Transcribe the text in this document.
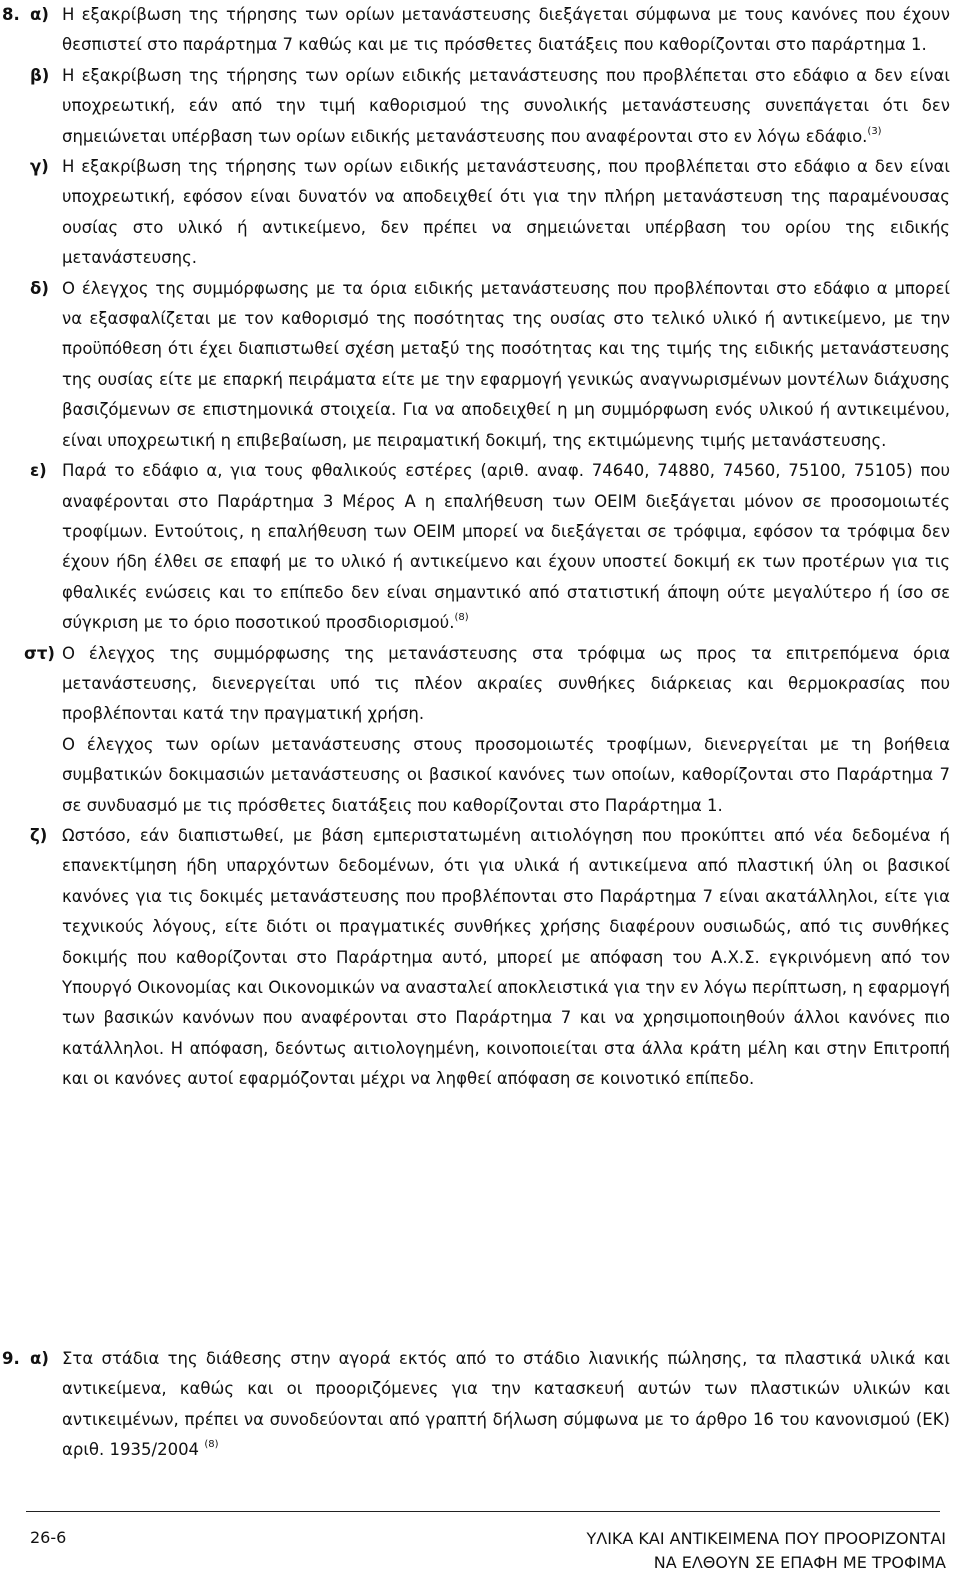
8. α) Η εξακρίβωση της τήρησης των ορίων μετανάστευσης διεξάγεται σύμφωνα με τους κανόνες που έχουν θεσπιστεί στο παράρτημα 7 καθώς και με τις πρόσθετες διατάξεις που καθορίζονται στο παράρτημα 1.
β) Η εξακρίβωση της τήρησης των ορίων ειδικής μετανάστευσης που προβλέπεται στο εδάφιο α δεν είναι υποχρεωτική, εάν από την τιμή καθορισμού της συνολικής μετανάστευσης συνεπάγεται ότι δεν σημειώνεται υπέρβαση των ορίων ειδικής μετανάστευσης που αναφέρονται στο εν λόγω εδάφιο.$^{(3)}$
γ) Η εξακρίβωση της τήρησης των ορίων ειδικής μετανάστευσης, που προβλέπεται στο εδάφιο α δεν είναι υποχρεωτική, εφόσον είναι δυνατόν να αποδειχθεί ότι για την πλήρη μετανάστευση της παραμένουσας ουσίας στο υλικό ή αντικείμενο, δεν πρέπει να σημειώνεται υπέρβαση του ορίου της ειδικής μετανάστευσης.
δ) Ο έλεγχος της συμμόρφωσης με τα όρια ειδικής μετανάστευσης που προβλέπονται στο εδάφιο α μπορεί να εξασφαλίζεται με τον καθορισμό της ποσότητας της ουσίας στο τελικό υλικό ή αντικείμενο, με την προϋπόθεση ότι έχει διαπιστωθεί σχέση μεταξύ της ποσότητας και της τιμής της ειδικής μετανάστευσης της ουσίας είτε με επαρκή πειράματα είτε με την εφαρμογή γενικώς αναγνωρισμένων μοντέλων διάχυσης βασιζόμενων σε επιστημονικά στοιχεία. Για να αποδειχθεί η μη συμμόρφωση ενός υλικού ή αντικειμένου, είναι υποχρεωτική η επιβεβαίωση, με πειραματική δοκιμή, της εκτιμώμενης τιμής μετανάστευσης.
ε) Παρά το εδάφιο α, για τους φθαλικούς εστέρες (αριθ. αναφ. 74640, 74880, 74560, 75100, 75105) που αναφέρονται στο Παράρτημα 3 Μέρος Α η επαλήθευση των ΟΕΙΜ διεξάγεται μόνον σε προσομοιωτές τροφίμων. Εντούτοις, η επαλήθευση των ΟΕΙΜ μπορεί να διεξάγεται σε τρόφιμα, εφόσον τα τρόφιμα δεν έχουν ήδη έλθει σε επαφή με το υλικό ή αντικείμενο και έχουν υποστεί δοκιμή εκ των προτέρων για τις φθαλικές ενώσεις και το επίπεδο δεν είναι σημαντικό από στατιστική άποψη ούτε μεγαλύτερο ή ίσο σε σύγκριση με το όριο ποσοτικού προσδιορισμού.$^{(8)}$
στ) Ο έλεγχος της συμμόρφωσης της μετανάστευσης στα τρόφιμα ως προς τα επιτρεπόμενα όρια μετανάστευσης, διενεργείται υπό τις πλέον ακραίες συνθήκες διάρκειας και θερμοκρασίας που προβλέπονται κατά την πραγματική χρήση.
Ο έλεγχος των ορίων μετανάστευσης στους προσομοιωτές τροφίμων, διενεργείται με τη βοήθεια συμβατικών δοκιμασιών μετανάστευσης οι βασικοί κανόνες των οποίων, καθορίζονται στο Παράρτημα 7 σε συνδυασμό με τις πρόσθετες διατάξεις που καθορίζονται στο Παράρτημα 1.
ζ) Ωστόσο, εάν διαπιστωθεί, με βάση εμπεριστατωμένη αιτιολόγηση που προκύπτει από νέα δεδομένα ή επανεκτίμηση ήδη υπαρχόντων δεδομένων, ότι για υλικά ή αντικείμενα από πλαστική ύλη οι βασικοί κανόνες για τις δοκιμές μετανάστευσης που προβλέπονται στο Παράρτημα 7 είναι ακατάλληλοι, είτε για τεχνικούς λόγους, είτε διότι οι πραγματικές συνθήκες χρήσης διαφέρουν ουσιωδώς, από τις συνθήκες δοκιμής που καθορίζονται στο Παράρτημα αυτό, μπορεί με απόφαση του Α.Χ.Σ. εγκρινόμενη από τον Υπουργό Οικονομίας και Οικονομικών να ανασταλεί αποκλειστικά για την εν λόγω περίπτωση, η εφαρμογή των βασικών κανόνων που αναφέρονται στο Παράρτημα 7 και να χρησιμοποιηθούν άλλοι κανόνες πιο κατάλληλοι. Η απόφαση, δεόντως αιτιολογημένη, κοινοποιείται στα άλλα κράτη μέλη και στην Επιτροπή και οι κανόνες αυτοί εφαρμόζονται μέχρι να ληφθεί απόφαση σε κοινοτικό επίπεδο.
9. α) Στα στάδια της διάθεσης στην αγορά εκτός από το στάδιο λιανικής πώλησης, τα πλαστικά υλικά και αντικείμενα, καθώς και οι προοριζόμενες για την κατασκευή αυτών των πλαστικών υλικών και αντικειμένων, πρέπει να συνοδεύονται από γραπτή δήλωση σύμφωνα με το άρθρο 16 του κανονισμού (ΕΚ) αριθ. 1935/2004 $^{(8)}$
26-6	ΥΛΙΚΑ ΚΑΙ ΑΝΤΙΚΕΙΜΕΝΑ ΠΟΥ ΠΡΟΟΡΙΖΟΝΤΑΙ
ΝΑ ΕΛΘΟΥΝ ΣΕ ΕΠΑΦΗ ΜΕ ΤΡΟΦΙΜΑ
